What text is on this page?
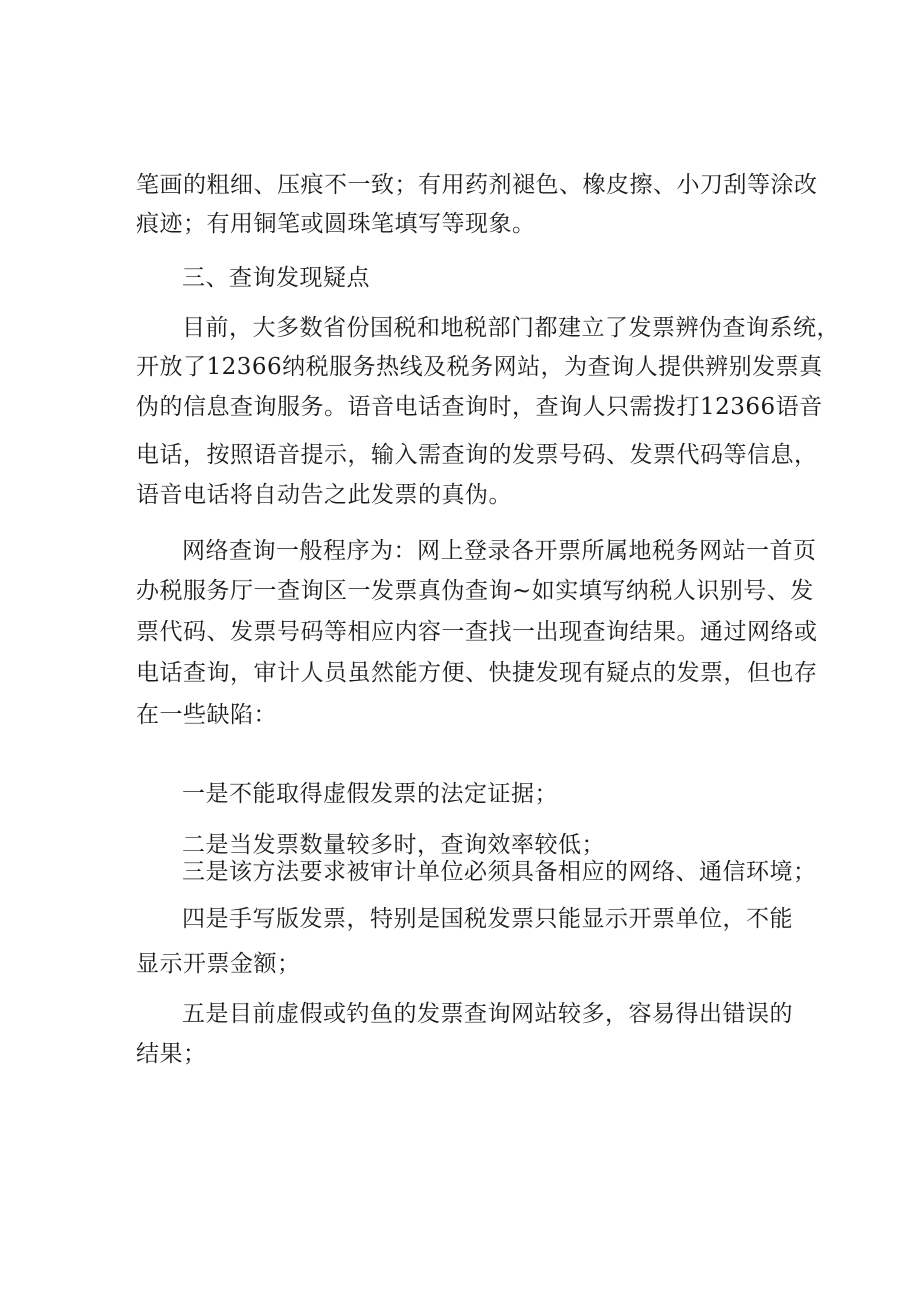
笔画的粗细、压痕不一致；有用药剂褪色、橡皮擦、小刀刮等涂改
痕迹；有用铜笔或圆珠笔填写等现象。
三、查询发现疑点
目前，大多数省份国税和地税部门都建立了发票辨伪查询系统，
开放了12366纳税服务热线及税务网站，为查询人提供辨别发票真
伪的信息查询服务。语音电话查询时，查询人只需拨打12366语音
电话，按照语音提示，输入需查询的发票号码、发票代码等信息，
语音电话将自动告之此发票的真伪。
网络查询一般程序为：网上登录各开票所属地税务网站一首页
办税服务厅一查询区一发票真伪查询~如实填写纳税人识别号、发
票代码、发票号码等相应内容一查找一出现查询结果。通过网络或
电话查询，审计人员虽然能方便、快捷发现有疑点的发票，但也存
在一些缺陷：
一是不能取得虚假发票的法定证据；
二是当发票数量较多时，查询效率较低；
三是该方法要求被审计单位必须具备相应的网络、通信环境；
四是手写版发票，特别是国税发票只能显示开票单位，不能
显示开票金额；
五是目前虚假或钓鱼的发票查询网站较多，容易得出错误的
结果；
